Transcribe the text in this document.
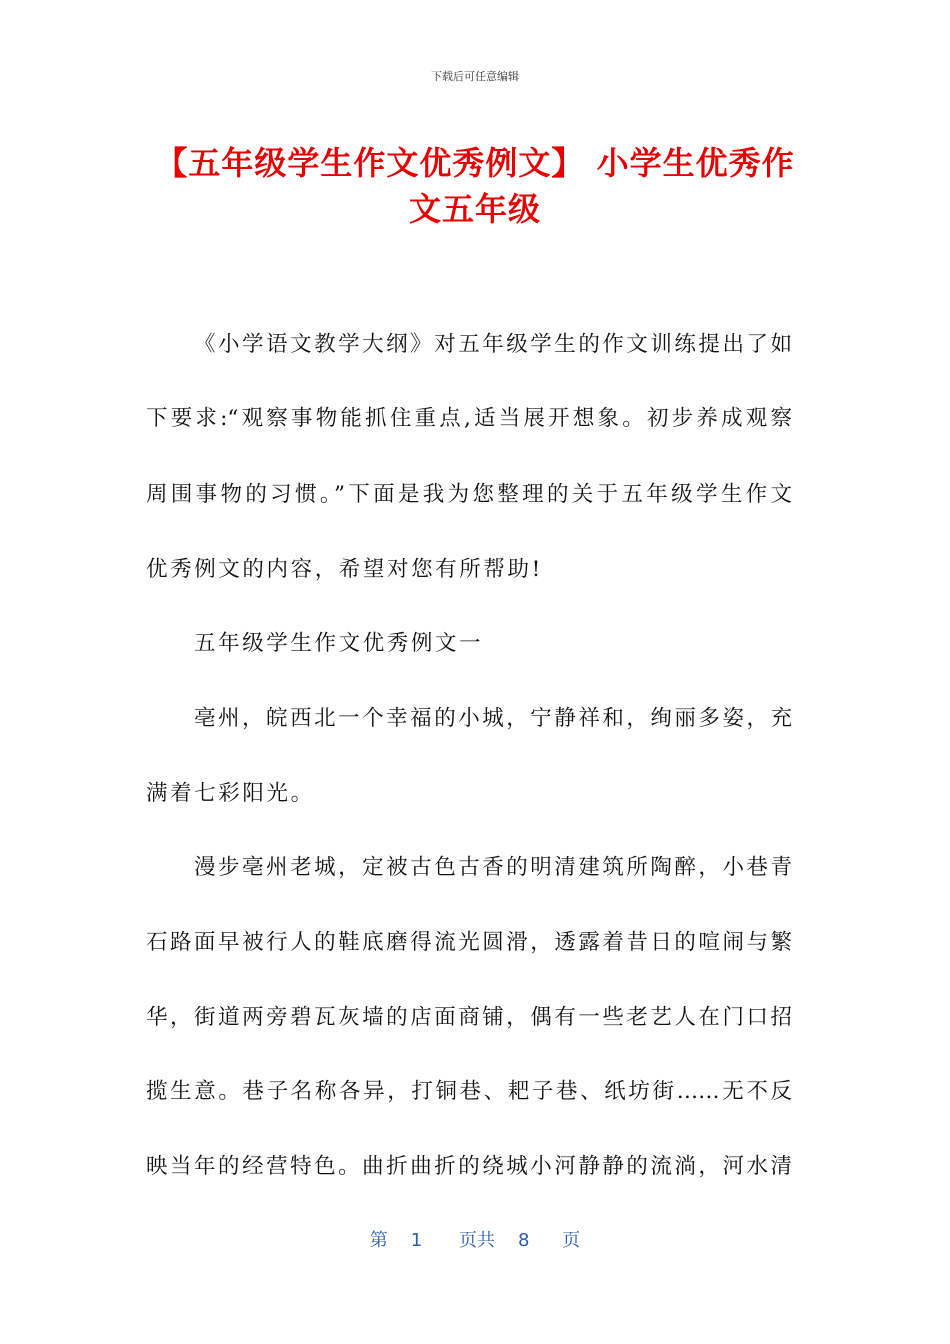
下载后可任意编辑
【五年级学生作文优秀例文】 小学生优秀作
文五年级
《小学语文教学大纲》对五年级学生的作文训练提出了如
下要求:“观察事物能抓住重点,适当展开想象。初步养成观察
周围事物的习惯。”下面是我为您整理的关于五年级学生作文
优秀例文的内容，希望对您有所帮助!
五年级学生作文优秀例文一
亳州，皖西北一个幸福的小城，宁静祥和，绚丽多姿，充
满着七彩阳光。
漫步亳州老城，定被古色古香的明清建筑所陶醉，小巷青
石路面早被行人的鞋底磨得流光圆滑，透露着昔日的喧闹与繁
华，街道两旁碧瓦灰墙的店面商铺，偶有一些老艺人在门口招
揽生意。巷子名称各异，打铜巷、耙子巷、纸坊街……无不反
映当年的经营特色。曲折曲折的绕城小河静静的流淌，河水清
第 1 页共 8 页
